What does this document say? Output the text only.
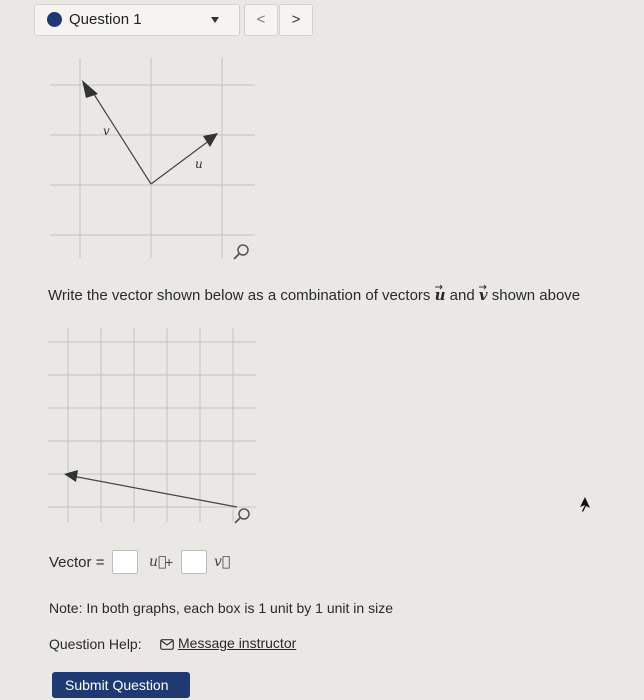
Question 1	<	>
v
u
Write the vector shown below as a combination of vectors u
and v
shown above
Vector =	u⃗
+	v⃗
Note: In both graphs, each box is 1 unit by 1 unit in size
Question Help:	Message instructor
Submit Question
